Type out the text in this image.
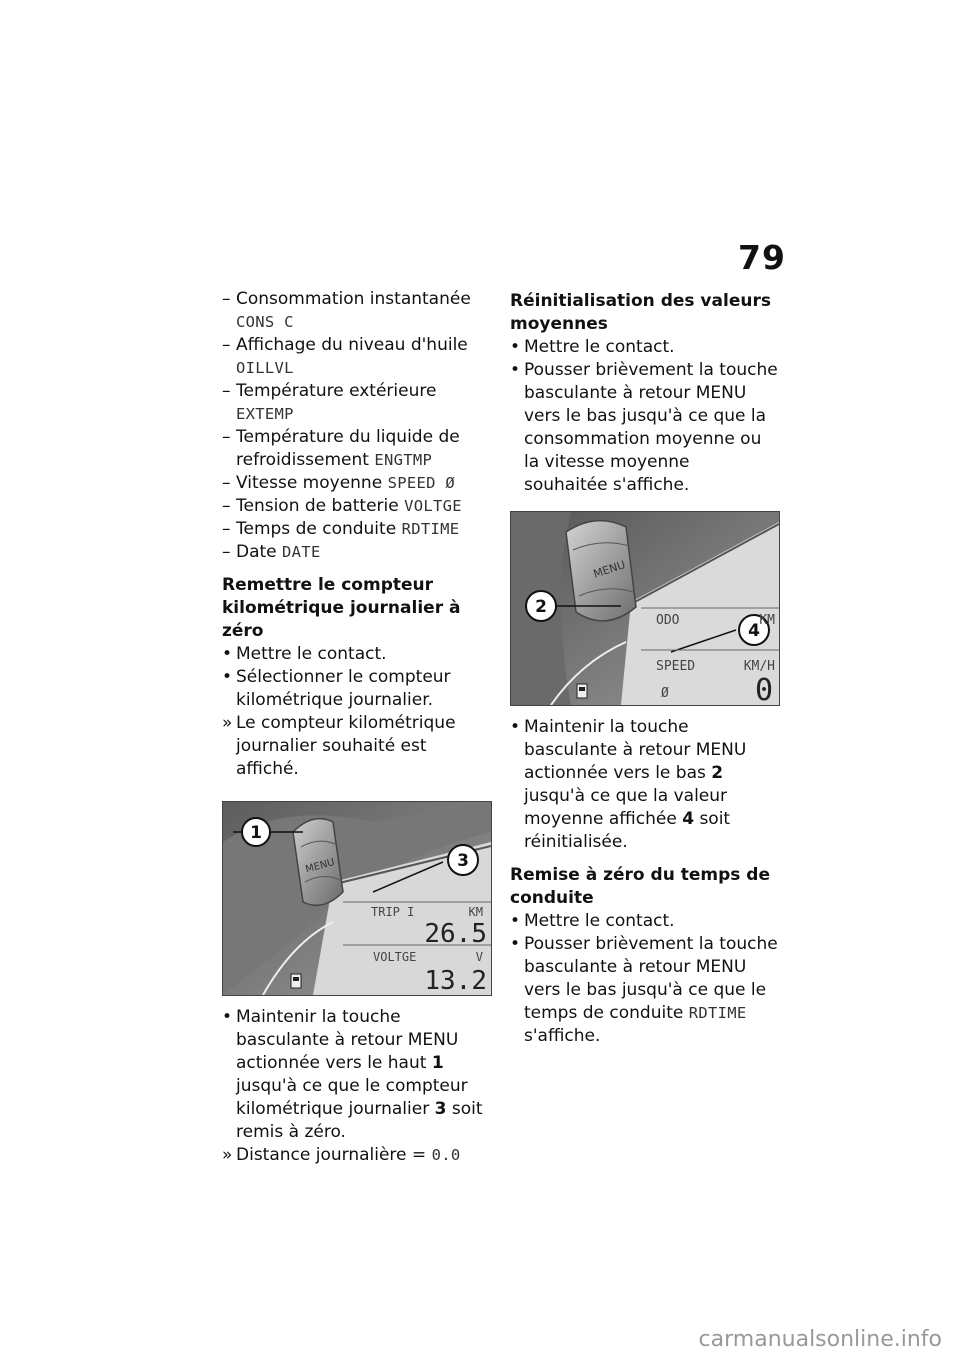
79
– Consommation instantanée
CONS C
– Affichage du niveau d'huile
OILLVL
– Température extérieure
EXTEMP
– Température du liquide de refroidissement ENGTMP
– Vitesse moyenne SPEED Ø
– Tension de batterie VOLTGE
– Temps de conduite RDTIME
– Date DATE
Remettre le compteur kilométrique journalier à zéro
• Mettre le contact.
• Sélectionner le compteur kilométrique journalier.
» Le compteur kilométrique journalier souhaité est affiché.
MENU
1
3
TRIP I	KM
26.5
VOLTGE	V
13.2
• Maintenir la touche basculante à retour MENU actionnée vers le haut 1 jusqu'à ce que le compteur kilométrique journalier 3 soit remis à zéro.
» Distance journalière = 0.0
Réinitialisation des valeurs moyennes
• Mettre le contact.
• Pousser brièvement la touche basculante à retour MENU vers le bas jusqu'à ce que la consommation moyenne ou la vitesse moyenne souhaitée s'affiche.
MENU
2
4
ODO	KM
SPEED	KM/H
Ø	0
• Maintenir la touche basculante à retour MENU actionnée vers le bas 2 jusqu'à ce que la valeur moyenne affichée 4 soit réinitialisée.
Remise à zéro du temps de conduite
• Mettre le contact.
• Pousser brièvement la touche basculante à retour MENU vers le bas jusqu'à ce que le temps de conduite RDTIME s'affiche.
carmanualsonline.info
